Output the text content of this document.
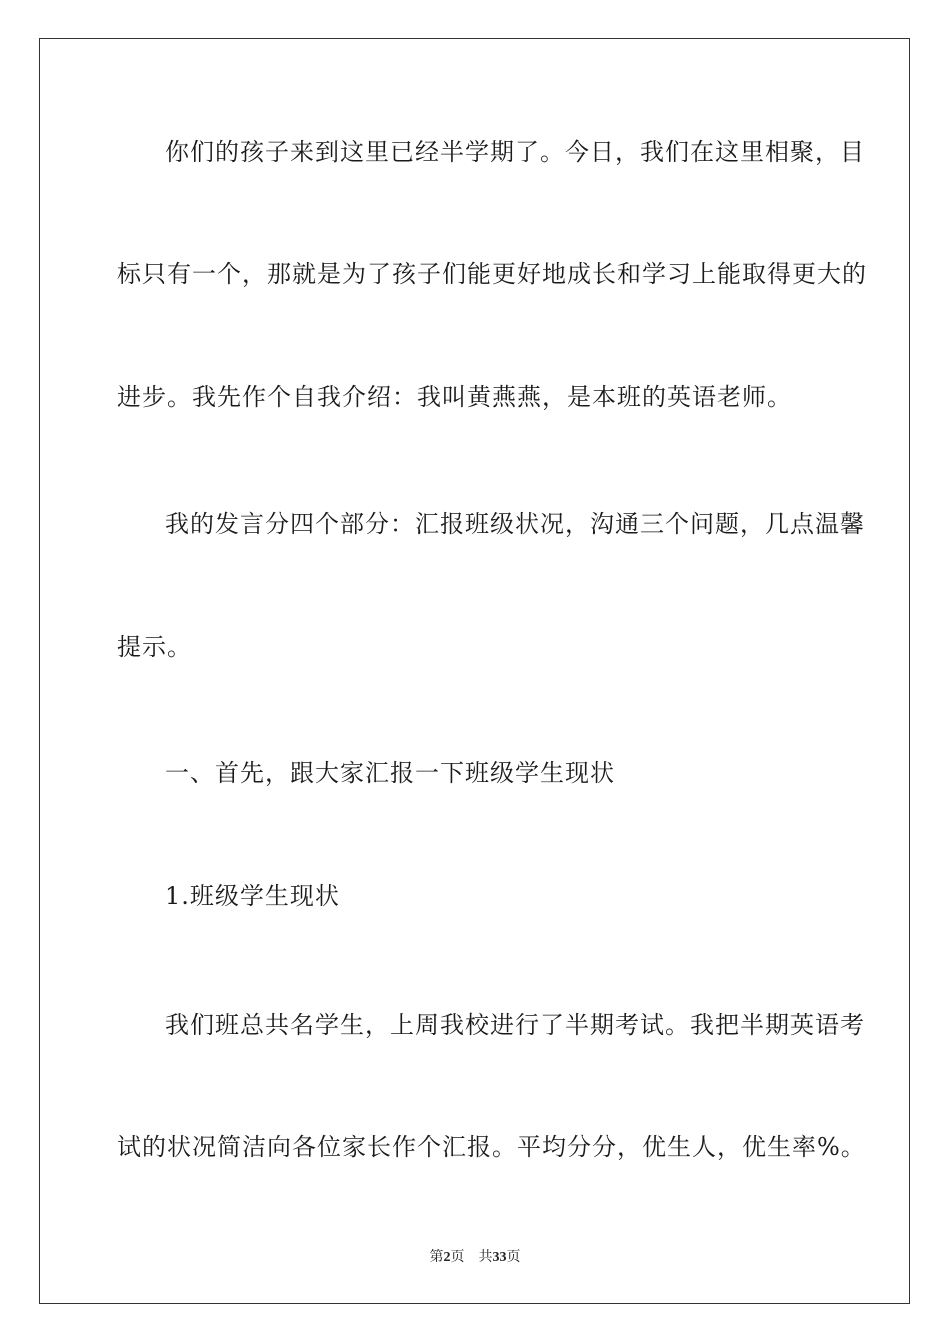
你们的孩子来到这里已经半学期了。今日，我们在这里相聚，目
标只有一个，那就是为了孩子们能更好地成长和学习上能取得更大的
进步。我先作个自我介绍：我叫黄燕燕，是本班的英语老师。
我的发言分四个部分：汇报班级状况，沟通三个问题，几点温馨
提示。
一、首先，跟大家汇报一下班级学生现状
1.班级学生现状
我们班总共名学生，上周我校进行了半期考试。我把半期英语考
试的状况简洁向各位家长作个汇报。平均分分，优生人，优生率%。
第2页 共33页
